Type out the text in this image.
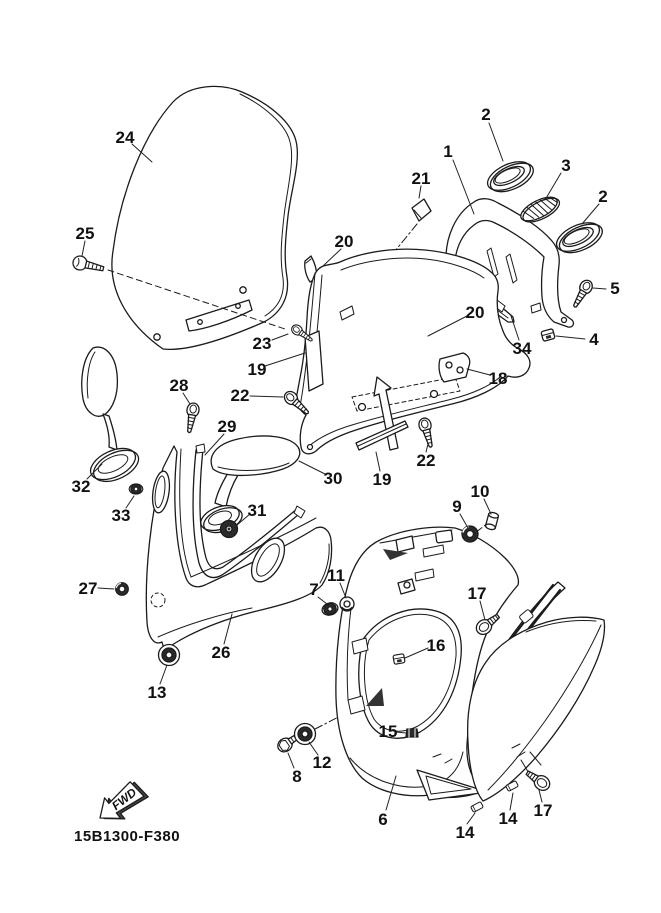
FWD
15B1300-F380
24
25
2
1
3
2
21
5
4
34
20
20
23
19	18
22
22
19
28
29
30
31
32
33
27
26
13
9
10
7
11
16
17
15
12
8
6
14
14 17
